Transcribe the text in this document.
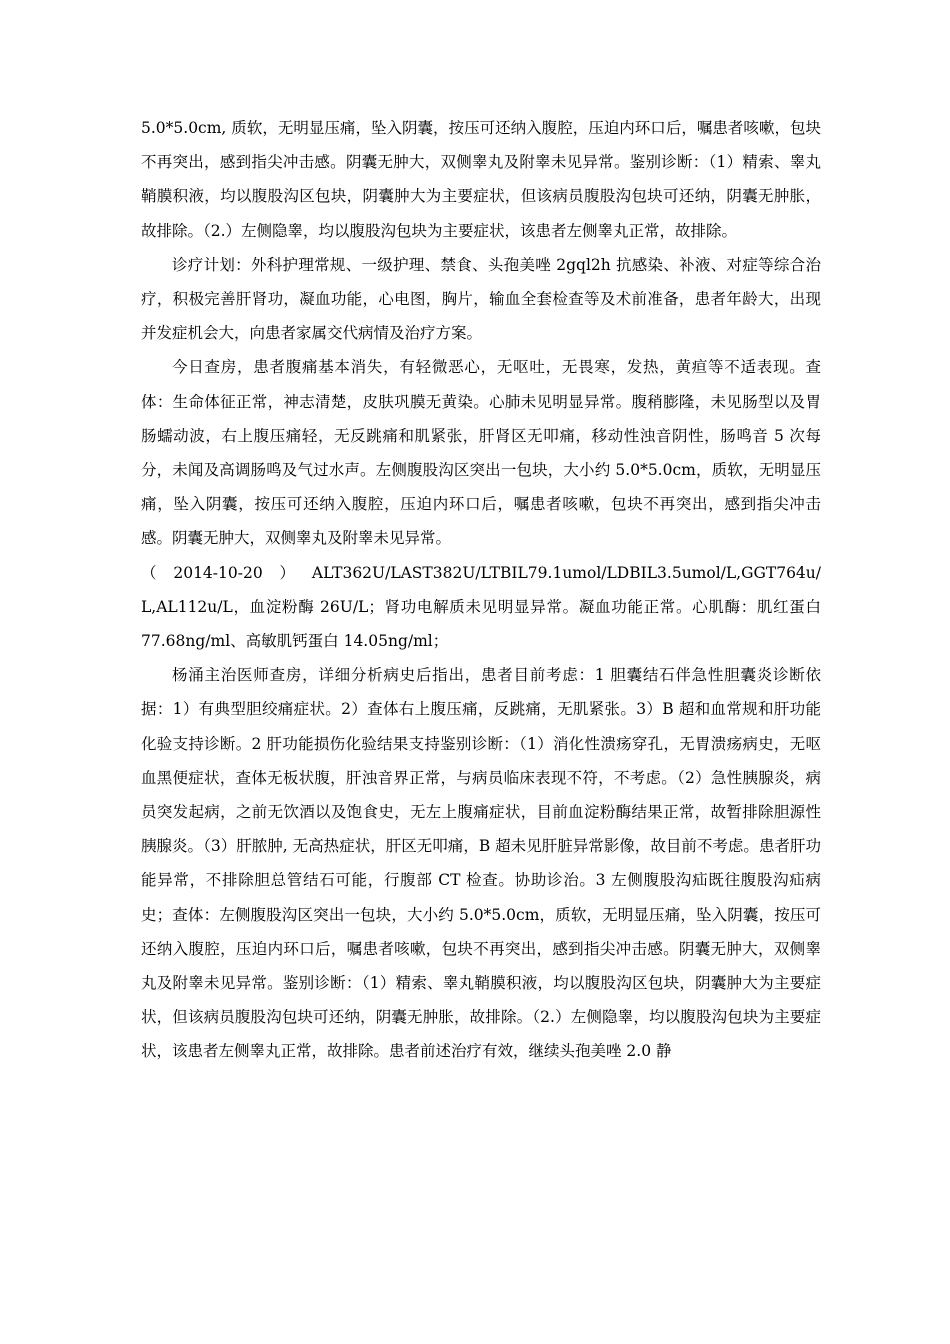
5.0*5.0cm, 质软，无明显压痛，坠入阴囊，按压可还纳入腹腔，压迫内环口后，嘱患者咳嗽，包块不再突出，感到指尖冲击感。阴囊无肿大，双侧睾丸及附睾未见异常。鉴别诊断：（1）精索、睾丸鞘膜积液，均以腹股沟区包块，阴囊肿大为主要症状，但该病员腹股沟包块可还纳，阴囊无肿胀，故排除。（2.）左侧隐睾，均以腹股沟包块为主要症状，该患者左侧睾丸正常，故排除。

诊疗计划：外科护理常规、一级护理、禁食、头孢美唑 2gql2h 抗感染、补液、对症等综合治疗，积极完善肝肾功，凝血功能，心电图，胸片，输血全套检查等及术前准备，患者年龄大，出现并发症机会大，向患者家属交代病情及治疗方案。

今日查房，患者腹痛基本消失，有轻微恶心，无呕吐，无畏寒，发热，黄疸等不适表现。查体：生命体征正常，神志清楚，皮肤巩膜无黄染。心肺未见明显异常。腹稍膨隆，未见肠型以及胃肠蠕动波，右上腹压痛轻，无反跳痛和肌紧张，肝肾区无叩痛，移动性浊音阴性，肠鸣音 5 次每分，未闻及高调肠鸣及气过水声。左侧腹股沟区突出一包块，大小约 5.0*5.0cm，质软，无明显压痛，坠入阴囊，按压可还纳入腹腔，压迫内环口后，嘱患者咳嗽，包块不再突出，感到指尖冲击感。阴囊无肿大，双侧睾丸及附睾未见异常。

（ 2014-10-20 ） ALT362U/LAST382U/LTBIL79.1umol/LDBIL3.5umol/L,GGT764u/

L,AL112u/L，血淀粉酶 26U/L；肾功电解质未见明显异常。凝血功能正常。心肌酶：肌红蛋白 77.68ng/ml、高敏肌钙蛋白 14.05ng/ml；

杨涌主治医师查房，详细分析病史后指出，患者目前考虑：1 胆囊结石伴急性胆囊炎诊断依据：1）有典型胆绞痛症状。2）查体右上腹压痛，反跳痛，无肌紧张。3）B 超和血常规和肝功能化验支持诊断。2 肝功能损伤化验结果支持鉴别诊断：（1）消化性溃疡穿孔，无胃溃疡病史，无呕血黑便症状，查体无板状腹，肝浊音界正常，与病员临床表现不符，不考虑。（2）急性胰腺炎，病员突发起病，之前无饮酒以及饱食史，无左上腹痛症状，目前血淀粉酶结果正常，故暂排除胆源性胰腺炎。（3）肝脓肿, 无高热症状，肝区无叩痛，B 超未见肝脏异常影像，故目前不考虑。患者肝功能异常，不排除胆总管结石可能，行腹部 CT 检查。协助诊治。3 左侧腹股沟疝既往腹股沟疝病史；查体：左侧腹股沟区突出一包块，大小约 5.0*5.0cm，质软，无明显压痛，坠入阴囊，按压可还纳入腹腔，压迫内环口后，嘱患者咳嗽，包块不再突出，感到指尖冲击感。阴囊无肿大，双侧睾丸及附睾未见异常。鉴别诊断：（1）精索、睾丸鞘膜积液，均以腹股沟区包块，阴囊肿大为主要症状，但该病员腹股沟包块可还纳，阴囊无肿胀，故排除。（2.）左侧隐睾，均以腹股沟包块为主要症状，该患者左侧睾丸正常，故排除。患者前述治疗有效，继续头孢美唑 2.0 静
